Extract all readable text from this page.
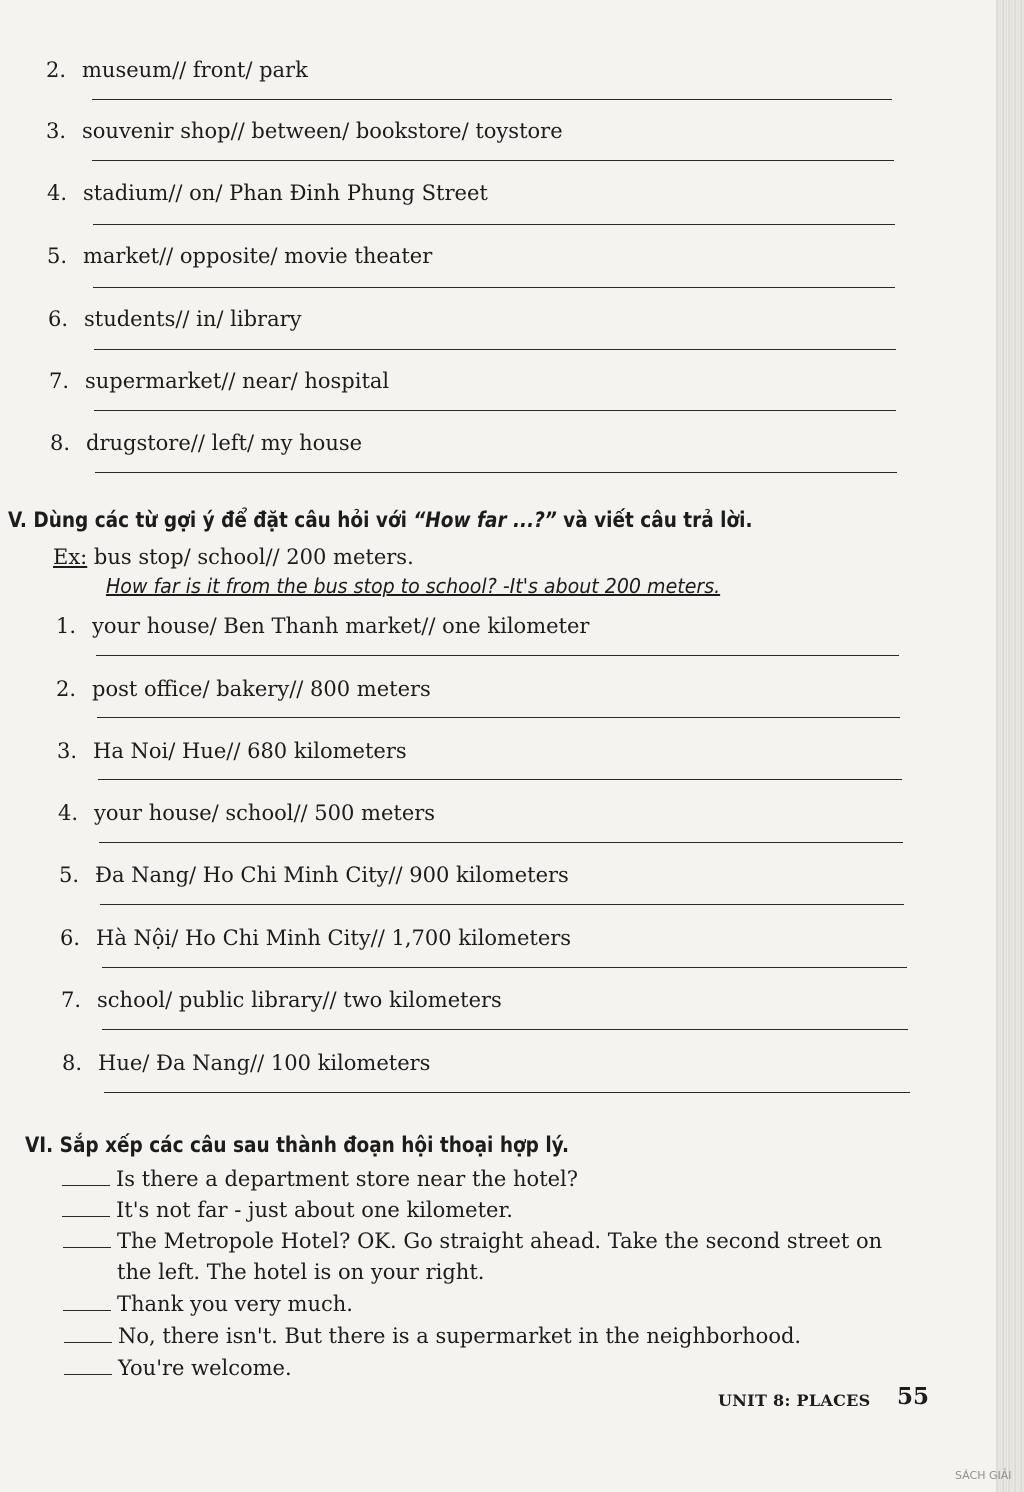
2. museum// front/ park
3. souvenir shop// between/ bookstore/ toystore
4. stadium// on/ Phan Đinh Phung Street
5. market// opposite/ movie theater
6. students// in/ library
7. supermarket// near/ hospital
8. drugstore// left/ my house
V. Dùng các từ gợi ý để đặt câu hỏi với “How far ...?” và viết câu trả lời.
Ex: bus stop/ school// 200 meters.
How far is it from the bus stop to school? -It's about 200 meters.
1. your house/ Ben Thanh market// one kilometer
2. post office/ bakery// 800 meters
3. Ha Noi/ Hue// 680 kilometers
4. your house/ school// 500 meters
5. Đa Nang/ Ho Chi Minh City// 900 kilometers
6. Hà Nội/ Ho Chi Minh City// 1,700 kilometers
7. school/ public library// two kilometers
8. Hue/ Đa Nang// 100 kilometers
VI. Sắp xếp các câu sau thành đoạn hội thoại hợp lý.
Is there a department store near the hotel?
It's not far - just about one kilometer.
The Metropole Hotel? OK. Go straight ahead. Take the second street on
the left. The hotel is on your right.
Thank you very much.
No, there isn't. But there is a supermarket in the neighborhood.
You're welcome.
UNIT 8: PLACES 55
SÁCH GIẢI
